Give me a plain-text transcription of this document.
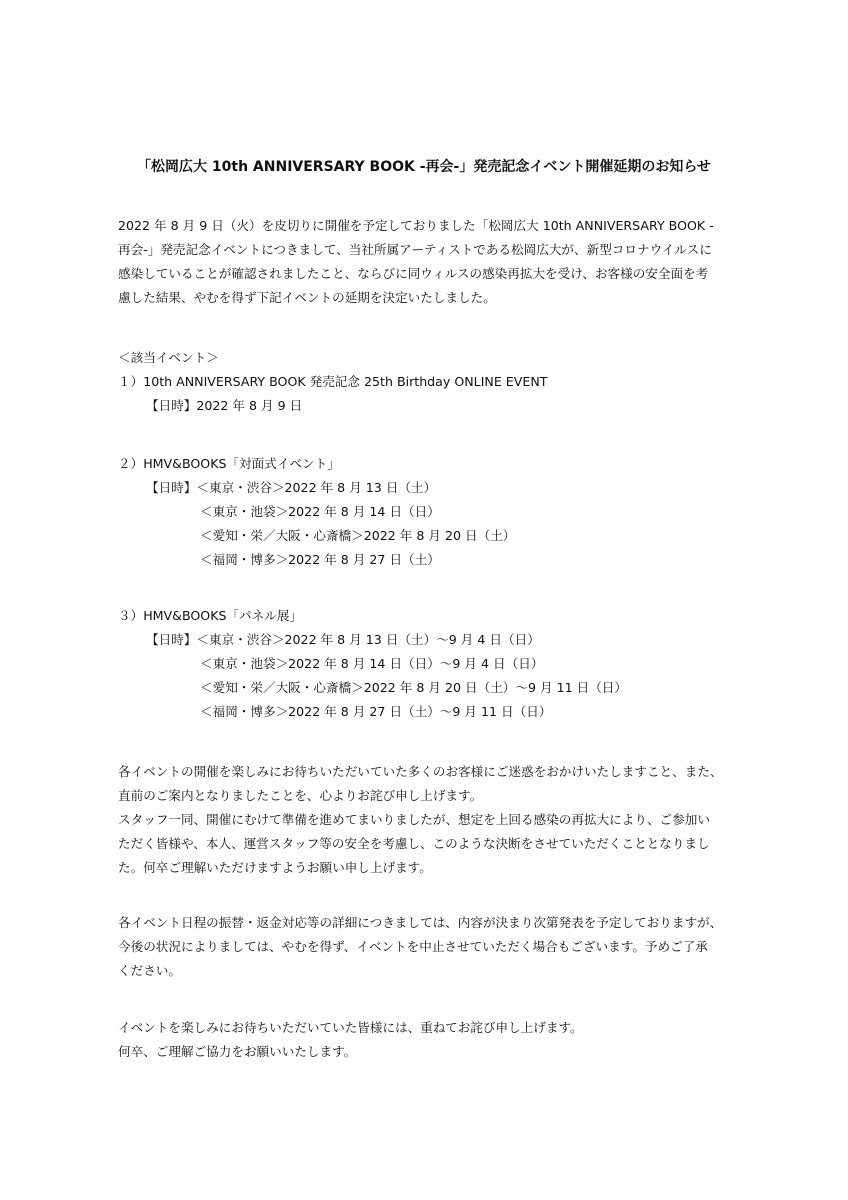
「松岡広大 10th ANNIVERSARY BOOK -再会-」発売記念イベント開催延期のお知らせ
2022 年 8 月 9 日（火）を皮切りに開催を予定しておりました「松岡広大 10th ANNIVERSARY BOOK -
再会-」発売記念イベントにつきまして、当社所属アーティストである松岡広大が、新型コロナウイルスに
感染していることが確認されましたこと、ならびに同ウィルスの感染再拡大を受け、お客様の安全面を考
慮した結果、やむを得ず下記イベントの延期を決定いたしました。
＜該当イベント＞
１）10th ANNIVERSARY BOOK 発売記念 25th Birthday ONLINE EVENT
【日時】2022 年 8 月 9 日
２）HMV&BOOKS「対面式イベント」
【日時】＜東京・渋谷＞2022 年 8 月 13 日（土）
＜東京・池袋＞2022 年 8 月 14 日（日）
＜愛知・栄／大阪・心斎橋＞2022 年 8 月 20 日（土）
＜福岡・博多＞2022 年 8 月 27 日（土）
３）HMV&BOOKS「パネル展」
【日時】＜東京・渋谷＞2022 年 8 月 13 日（土）～9 月 4 日（日）
＜東京・池袋＞2022 年 8 月 14 日（日）～9 月 4 日（日）
＜愛知・栄／大阪・心斎橋＞2022 年 8 月 20 日（土）～9 月 11 日（日）
＜福岡・博多＞2022 年 8 月 27 日（土）～9 月 11 日（日）
各イベントの開催を楽しみにお待ちいただいていた多くのお客様にご迷惑をおかけいたしますこと、また、
直前のご案内となりましたことを、心よりお詫び申し上げます。
スタッフ一同、開催にむけて準備を進めてまいりましたが、想定を上回る感染の再拡大により、ご参加い
ただく皆様や、本人、運営スタッフ等の安全を考慮し、このような決断をさせていただくこととなりまし
た。何卒ご理解いただけますようお願い申し上げます。
各イベント日程の振替・返金対応等の詳細につきましては、内容が決まり次第発表を予定しておりますが、
今後の状況によりましては、やむを得ず、イベントを中止させていただく場合もございます。予めご了承
ください。
イベントを楽しみにお待ちいただいていた皆様には、重ねてお詫び申し上げます。
何卒、ご理解ご協力をお願いいたします。
